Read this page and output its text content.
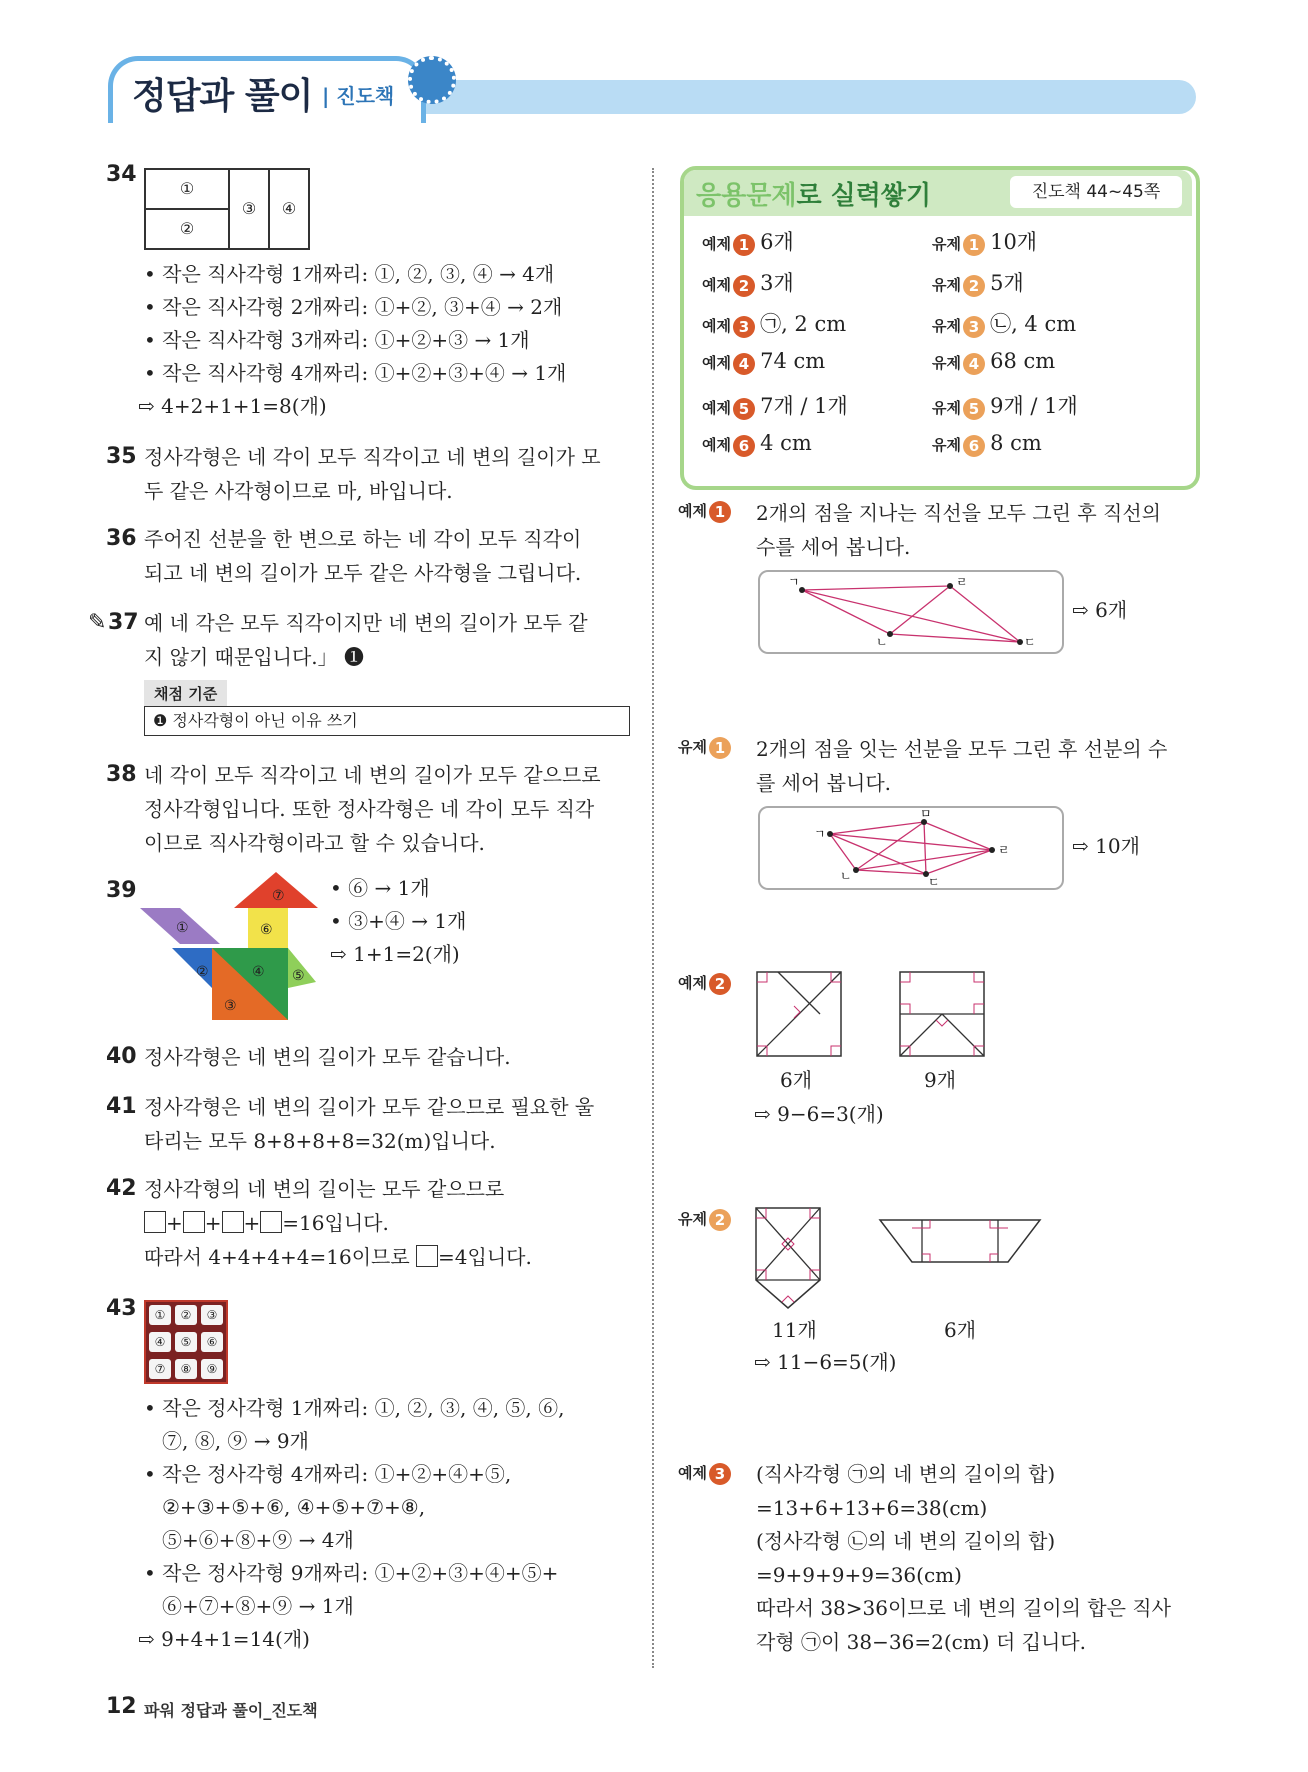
정답과 풀이 | 진도책
34
①
②
③	④
• 작은 직사각형 1개짜리: ①, ②, ③, ④ → 4개
• 작은 직사각형 2개짜리: ①+②, ③+④ → 2개
• 작은 직사각형 3개짜리: ①+②+③ → 1개
• 작은 직사각형 4개짜리: ①+②+③+④ → 1개
⇨ 4+2+1+1=8(개)
35 정사각형은 네 각이 모두 직각이고 네 변의 길이가 모
두 같은 사각형이므로 마, 바입니다.
36 주어진 선분을 한 변으로 하는 네 각이 모두 직각이
되고 네 변의 길이가 모두 같은 사각형을 그립니다.
✎ 37 예 네 각은 모두 직각이지만 네 변의 길이가 모두 같
지 않기 때문입니다.」 ❶
채점 기준
❶ 정사각형이 아닌 이유 쓰기
38 네 각이 모두 직각이고 네 변의 길이가 모두 같으므로
정사각형입니다. 또한 정사각형은 네 각이 모두 직각
이므로 직사각형이라고 할 수 있습니다.
39
①
②
③
④ ⑤
⑥
⑦ • ⑥ → 1개
• ③+④ → 1개
⇨ 1+1=2(개)
40 정사각형은 네 변의 길이가 모두 같습니다.
41 정사각형은 네 변의 길이가 모두 같으므로 필요한 울
타리는 모두 8+8+8+8=32(m)입니다.
42 정사각형의 네 변의 길이는 모두 같으므로
+ + + =16입니다.
따라서 4+4+4+4=16이므로 =4입니다.
43	①	②	③
④	⑤	⑥
⑦	⑧	⑨
• 작은 정사각형 1개짜리: ①, ②, ③, ④, ⑤, ⑥,
⑦, ⑧, ⑨ → 9개
• 작은 정사각형 4개짜리: ①+②+④+⑤,
②+③+⑤+⑥, ④+⑤+⑦+⑧,
⑤+⑥+⑧+⑨ → 4개
• 작은 정사각형 9개짜리: ①+②+③+④+⑤+
⑥+⑦+⑧+⑨ → 1개
⇨ 9+4+1=14(개)
응용문제로 실력쌓기	진도책 44~45쪽
예제 1 6개	유제 1 10개
예제 2 3개	유제 2 5개
예제 3 ㉠, 2 cm	유제 3 ㉡, 4 cm
예제 4 74 cm	유제 4 68 cm
예제 5 7개 / 1개	유제 5 9개 / 1개
예제 6 4 cm	유제 6 8 cm
예제 1 2개의 점을 지나는 직선을 모두 그린 후 직선의
수를 세어 봅니다.
ㄱ
ㄴ	ㄷ
ㄹ
⇨ 6개
유제 1 2개의 점을 잇는 선분을 모두 그린 후 선분의 수
를 세어 봅니다.
ㄱ
ㄴ	ㄷ
ㄹ
ㅁ
⇨ 10개
예제 2
6개	9개
⇨ 9−6=3(개)
유제 2
11개	6개
⇨ 11−6=5(개)
예제 3 (직사각형 ㉠의 네 변의 길이의 합)
=13+6+13+6=38(cm)
(정사각형 ㉡의 네 변의 길이의 합)
=9+9+9+9=36(cm)
따라서 38>36이므로 네 변의 길이의 합은 직사
각형 ㉠이 38−36=2(cm) 더 깁니다.
12 파워 정답과 풀이_진도책
